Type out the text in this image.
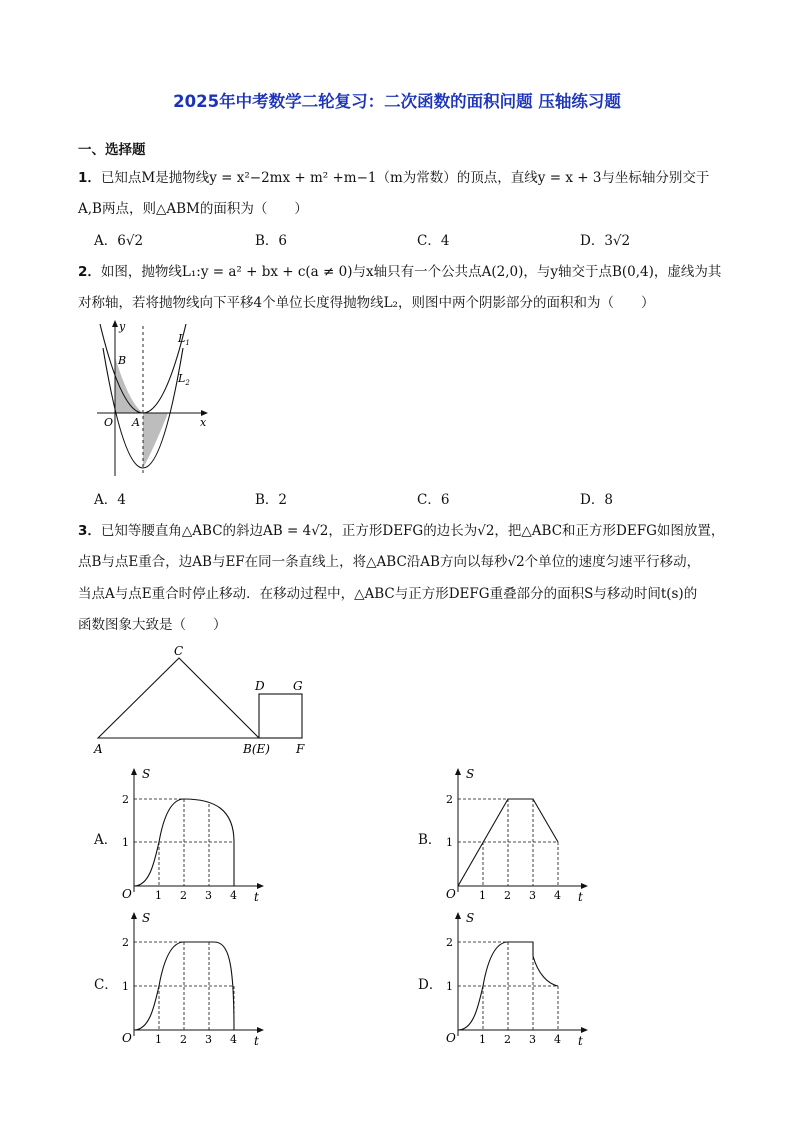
2025年中考数学二轮复习：二次函数的面积问题 压轴练习题
一、选择题
1．已知点M是抛物线y = x²−2mx + m² +m−1（m为常数）的顶点，直线y = x + 3与坐标轴分别交于
A,B两点，则△ABM的面积为（　　）
A．6√2	B．6	C．4	D．3√2
2．如图，抛物线L₁:y = a² + bx + c(a ≠ 0)与x轴只有一个公共点A(2,0)，与y轴交于点B(0,4)，虚线为其
对称轴，若将抛物线向下平移4个单位长度得抛物线L₂，则图中两个阴影部分的面积和为（　　）
y
x
O A
B
$L_1$
$L_2$
A．4	B．2	C．6	D．8
3．已知等腰直角△ABC的斜边AB = 4√2，正方形DEFG的边长为√2，把△ABC和正方形DEFG如图放置，
点B与点E重合，边AB与EF在同一条直线上，将△ABC沿AB方向以每秒√2个单位的速度匀速平行移动，
当点A与点E重合时停止移动．在移动过程中，△ABC与正方形DEFG重叠部分的面积S与移动时间t(s)的
函数图象大致是（　　）
A
C
B(E)
D G
F
A．	B．
C．	D．
S
t
O 1 2 3 4
1
2
S
t
O 1 2 3 4
1
2
S
t
O 1 2 3 4
1
2
S
t
O 1 2 3 4
1
2
